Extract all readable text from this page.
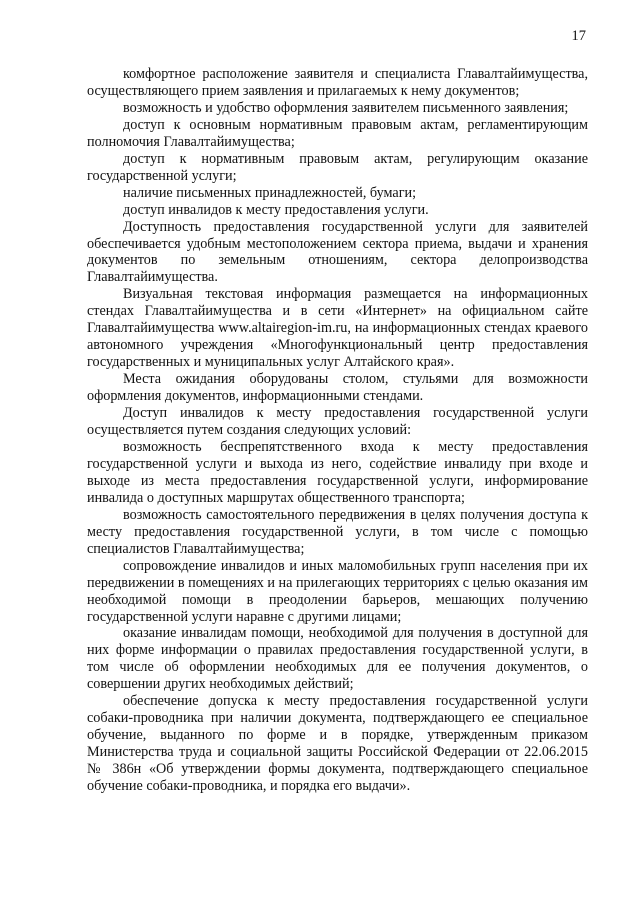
17

комфортное расположение заявителя и специалиста Главалтайимущества, осуществляющего прием заявления и прилагаемых к нему документов;

возможность и удобство оформления заявителем письменного заявления;

доступ к основным нормативным правовым актам, регламентирующим полномочия Главалтайимущества;

доступ к нормативным правовым актам, регулирующим оказание государственной услуги;

наличие письменных принадлежностей, бумаги;

доступ инвалидов к месту предоставления услуги.

Доступность предоставления государственной услуги для заявителей обеспечивается удобным местоположением сектора приема, выдачи и хранения документов по земельным отношениям, сектора делопроизводства Главалтайимущества.

Визуальная текстовая информация размещается на информационных стендах Главалтайимущества и в сети «Интернет» на официальном сайте Главалтайимущества www.altairegion-im.ru, на информационных стендах краевого автономного учреждения «Многофункциональный центр предоставления государственных и муниципальных услуг Алтайского края».

Места ожидания оборудованы столом, стульями для возможности оформления документов, информационными стендами.

Доступ инвалидов к месту предоставления государственной услуги осуществляется путем создания следующих условий:

возможность беспрепятственного входа к месту предоставления государственной услуги и выхода из него, содействие инвалиду при входе и выходе из места предоставления государственной услуги, информирование инвалида о доступных маршрутах общественного транспорта;

возможность самостоятельного передвижения в целях получения доступа к месту предоставления государственной услуги, в том числе с помощью специалистов Главалтайимущества;

сопровождение инвалидов и иных маломобильных групп населения при их передвижении в помещениях и на прилегающих территориях с целью оказания им необходимой помощи в преодолении барьеров, мешающих получению государственной услуги наравне с другими лицами;

оказание инвалидам помощи, необходимой для получения в доступной для них форме информации о правилах предоставления государственной услуги, в том числе об оформлении необходимых для ее получения документов, о совершении других необходимых действий;

обеспечение допуска к месту предоставления государственной услуги собаки-проводника при наличии документа, подтверждающего ее специальное обучение, выданного по форме и в порядке, утвержденным приказом Министерства труда и социальной защиты Российской Федерации от 22.06.2015 № 386н «Об утверждении формы документа, подтверждающего специальное обучение собаки-проводника, и порядка его выдачи».
